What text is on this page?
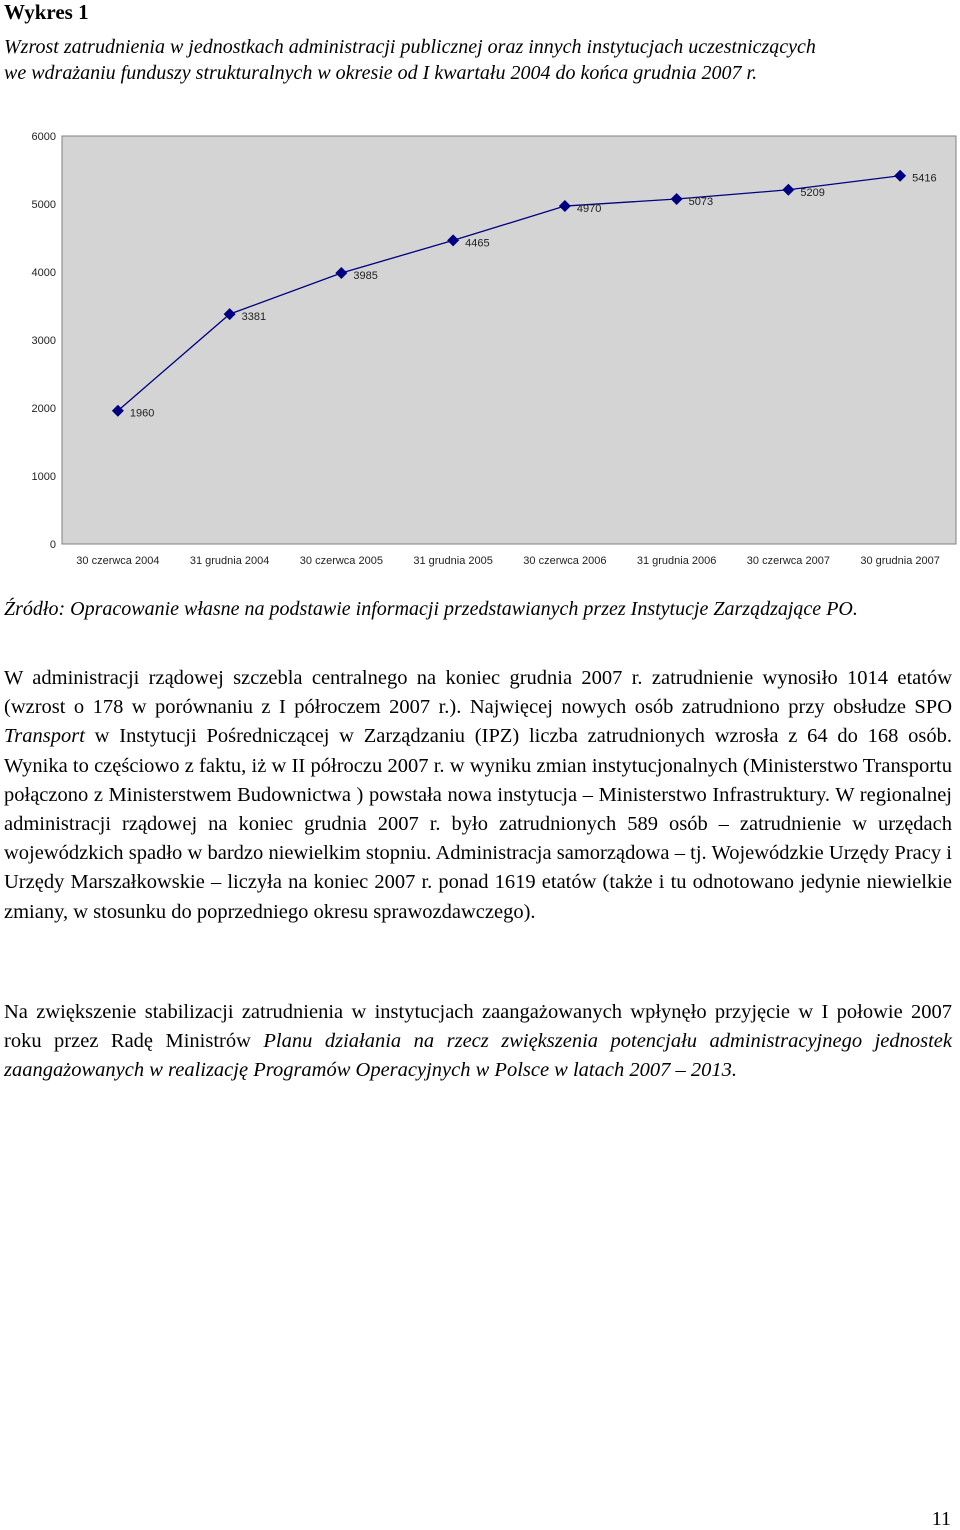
Wykres 1
Wzrost zatrudnienia w jednostkach administracji publicznej oraz innych instytucjach uczestniczących
we wdrażaniu funduszy strukturalnych w okresie od I kwartału 2004 do końca grudnia 2007 r.
0
1000
2000
3000
4000
5000
6000
30 czerwca 2004	31 grudnia 2004	30 czerwca 2005	31 grudnia 2005	30 czerwca 2006	31 grudnia 2006	30 czerwca 2007	30 grudnia 2007
1960
3381
3985
4465
4970
5073
5209
5416
Źródło: Opracowanie własne na podstawie informacji przedstawianych przez Instytucje Zarządzające PO.

W administracji rządowej szczebla centralnego na koniec grudnia 2007 r. zatrudnienie wynosiło 1014 etatów (wzrost o 178 w porównaniu z I półroczem 2007 r.). Najwięcej nowych osób zatrudniono przy obsłudze SPO Transport w Instytucji Pośredniczącej w Zarządzaniu (IPZ) liczba zatrudnionych wzrosła z 64 do 168 osób. Wynika to częściowo z faktu, iż w II półroczu 2007 r. w wyniku zmian instytucjonalnych (Ministerstwo Transportu połączono z Ministerstwem Budownictwa ) powstała nowa instytucja – Ministerstwo Infrastruktury. W regionalnej administracji rządowej na koniec grudnia 2007 r. było zatrudnionych 589 osób – zatrudnienie w urzędach wojewódzkich spadło w bardzo niewielkim stopniu. Administracja samorządowa – tj. Wojewódzkie Urzędy Pracy i Urzędy Marszałkowskie – liczyła na koniec 2007 r. ponad 1619 etatów (także i tu odnotowano jedynie niewielkie zmiany, w stosunku do poprzedniego okresu sprawozdawczego).

Na zwiększenie stabilizacji zatrudnienia w instytucjach zaangażowanych wpłynęło przyjęcie w I połowie 2007 roku przez Radę Ministrów Planu działania na rzecz zwiększenia potencjału administracyjnego jednostek zaangażowanych w realizację Programów Operacyjnych w Polsce w latach 2007 – 2013.

11
